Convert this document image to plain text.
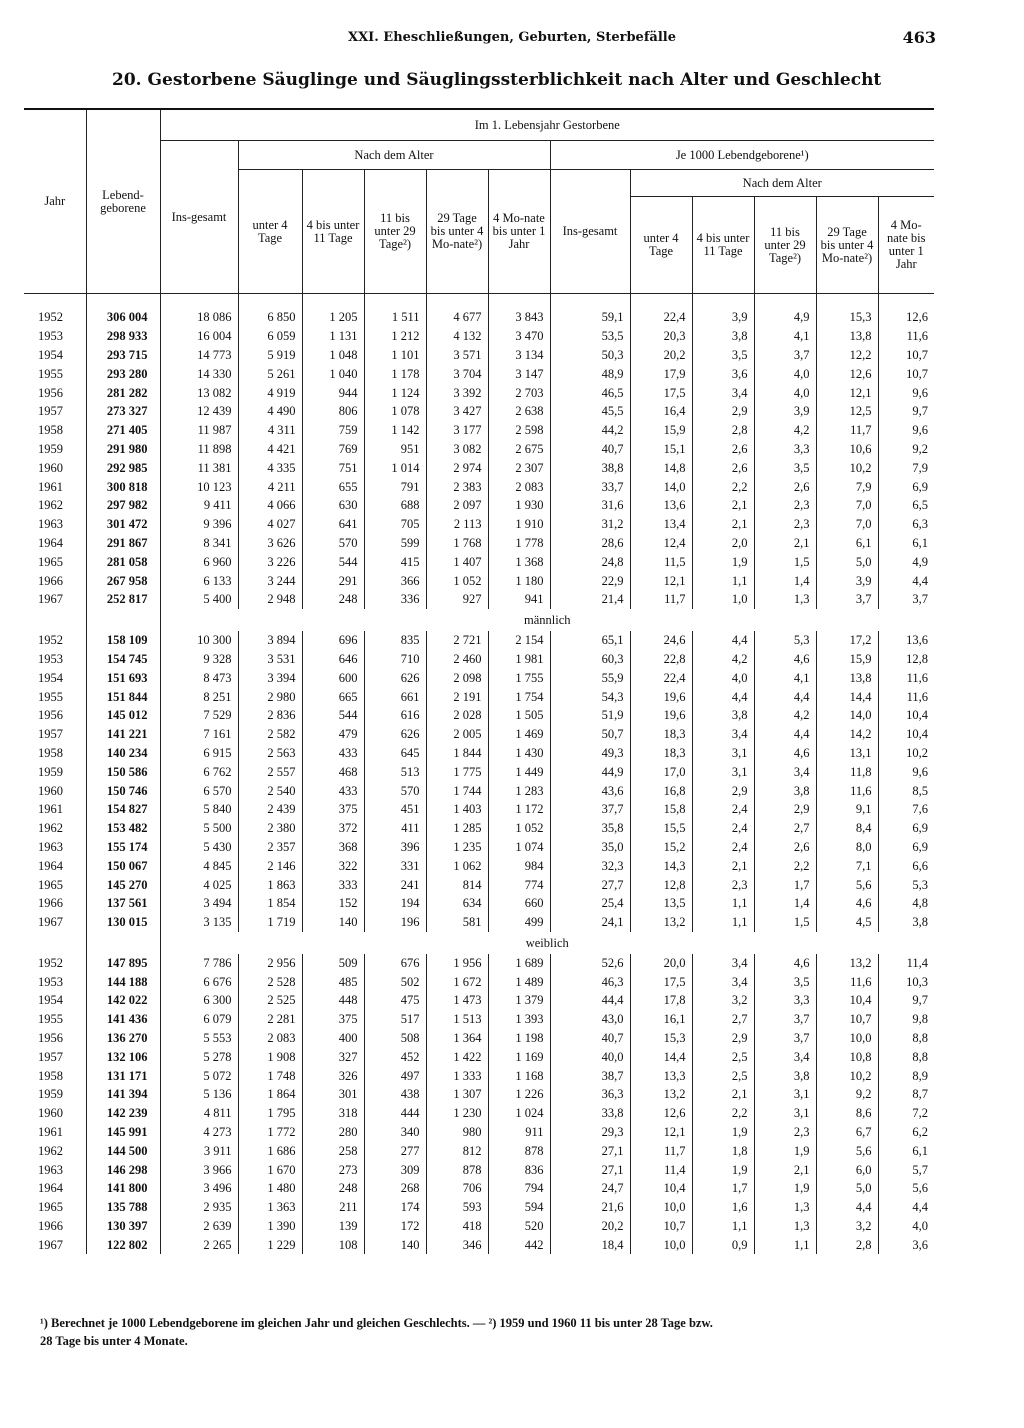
XXI. Eheschließungen, Geburten, Sterbefälle	463
20. Gestorbene Säuglinge und Säuglingssterblichkeit nach Alter und Geschlecht
Jahr	Lebend-geborene	Im 1. Lebensjahr Gestorbene											
		Ins-gesamt	Nach dem Alter					Je 1000 Lebendgeborene¹)					
			unter 4 Tage	4 bis unter 11 Tage	11 bis unter 29 Tage²)	29 Tage bis unter 4 Mo-nate²)	4 Mo-nate bis unter 1 Jahr	Ins-gesamt	Nach dem Alter				
									unter 4 Tage	4 bis unter 11 Tage	11 bis unter 29 Tage²)	29 Tage bis unter 4 Mo-nate²)	4 Mo-nate bis unter 1 Jahr

1952	306 004	18 086	6 850	1 205	1 511	4 677	3 843	59,1	22,4	3,9	4,9	15,3	12,6
1953	298 933	16 004	6 059	1 131	1 212	4 132	3 470	53,5	20,3	3,8	4,1	13,8	11,6
1954	293 715	14 773	5 919	1 048	1 101	3 571	3 134	50,3	20,2	3,5	3,7	12,2	10,7
1955	293 280	14 330	5 261	1 040	1 178	3 704	3 147	48,9	17,9	3,6	4,0	12,6	10,7
1956	281 282	13 082	4 919	944	1 124	3 392	2 703	46,5	17,5	3,4	4,0	12,1	9,6
1957	273 327	12 439	4 490	806	1 078	3 427	2 638	45,5	16,4	2,9	3,9	12,5	9,7
1958	271 405	11 987	4 311	759	1 142	3 177	2 598	44,2	15,9	2,8	4,2	11,7	9,6
1959	291 980	11 898	4 421	769	951	3 082	2 675	40,7	15,1	2,6	3,3	10,6	9,2
1960	292 985	11 381	4 335	751	1 014	2 974	2 307	38,8	14,8	2,6	3,5	10,2	7,9
1961	300 818	10 123	4 211	655	791	2 383	2 083	33,7	14,0	2,2	2,6	7,9	6,9
1962	297 982	9 411	4 066	630	688	2 097	1 930	31,6	13,6	2,1	2,3	7,0	6,5
1963	301 472	9 396	4 027	641	705	2 113	1 910	31,2	13,4	2,1	2,3	7,0	6,3
1964	291 867	8 341	3 626	570	599	1 768	1 778	28,6	12,4	2,0	2,1	6,1	6,1
1965	281 058	6 960	3 226	544	415	1 407	1 368	24,8	11,5	1,9	1,5	5,0	4,9
1966	267 958	6 133	3 244	291	366	1 052	1 180	22,9	12,1	1,1	1,4	3,9	4,4
1967	252 817	5 400	2 948	248	336	927	941	21,4	11,7	1,0	1,3	3,7	3,7
		männlich											
1952	158 109	10 300	3 894	696	835	2 721	2 154	65,1	24,6	4,4	5,3	17,2	13,6
1953	154 745	9 328	3 531	646	710	2 460	1 981	60,3	22,8	4,2	4,6	15,9	12,8
1954	151 693	8 473	3 394	600	626	2 098	1 755	55,9	22,4	4,0	4,1	13,8	11,6
1955	151 844	8 251	2 980	665	661	2 191	1 754	54,3	19,6	4,4	4,4	14,4	11,6
1956	145 012	7 529	2 836	544	616	2 028	1 505	51,9	19,6	3,8	4,2	14,0	10,4
1957	141 221	7 161	2 582	479	626	2 005	1 469	50,7	18,3	3,4	4,4	14,2	10,4
1958	140 234	6 915	2 563	433	645	1 844	1 430	49,3	18,3	3,1	4,6	13,1	10,2
1959	150 586	6 762	2 557	468	513	1 775	1 449	44,9	17,0	3,1	3,4	11,8	9,6
1960	150 746	6 570	2 540	433	570	1 744	1 283	43,6	16,8	2,9	3,8	11,6	8,5
1961	154 827	5 840	2 439	375	451	1 403	1 172	37,7	15,8	2,4	2,9	9,1	7,6
1962	153 482	5 500	2 380	372	411	1 285	1 052	35,8	15,5	2,4	2,7	8,4	6,9
1963	155 174	5 430	2 357	368	396	1 235	1 074	35,0	15,2	2,4	2,6	8,0	6,9
1964	150 067	4 845	2 146	322	331	1 062	984	32,3	14,3	2,1	2,2	7,1	6,6
1965	145 270	4 025	1 863	333	241	814	774	27,7	12,8	2,3	1,7	5,6	5,3
1966	137 561	3 494	1 854	152	194	634	660	25,4	13,5	1,1	1,4	4,6	4,8
1967	130 015	3 135	1 719	140	196	581	499	24,1	13,2	1,1	1,5	4,5	3,8
		weiblich											
1952	147 895	7 786	2 956	509	676	1 956	1 689	52,6	20,0	3,4	4,6	13,2	11,4
1953	144 188	6 676	2 528	485	502	1 672	1 489	46,3	17,5	3,4	3,5	11,6	10,3
1954	142 022	6 300	2 525	448	475	1 473	1 379	44,4	17,8	3,2	3,3	10,4	9,7
1955	141 436	6 079	2 281	375	517	1 513	1 393	43,0	16,1	2,7	3,7	10,7	9,8
1956	136 270	5 553	2 083	400	508	1 364	1 198	40,7	15,3	2,9	3,7	10,0	8,8
1957	132 106	5 278	1 908	327	452	1 422	1 169	40,0	14,4	2,5	3,4	10,8	8,8
1958	131 171	5 072	1 748	326	497	1 333	1 168	38,7	13,3	2,5	3,8	10,2	8,9
1959	141 394	5 136	1 864	301	438	1 307	1 226	36,3	13,2	2,1	3,1	9,2	8,7
1960	142 239	4 811	1 795	318	444	1 230	1 024	33,8	12,6	2,2	3,1	8,6	7,2
1961	145 991	4 273	1 772	280	340	980	911	29,3	12,1	1,9	2,3	6,7	6,2
1962	144 500	3 911	1 686	258	277	812	878	27,1	11,7	1,8	1,9	5,6	6,1
1963	146 298	3 966	1 670	273	309	878	836	27,1	11,4	1,9	2,1	6,0	5,7
1964	141 800	3 496	1 480	248	268	706	794	24,7	10,4	1,7	1,9	5,0	5,6
1965	135 788	2 935	1 363	211	174	593	594	21,6	10,0	1,6	1,3	4,4	4,4
1966	130 397	2 639	1 390	139	172	418	520	20,2	10,7	1,1	1,3	3,2	4,0
1967	122 802	2 265	1 229	108	140	346	442	18,4	10,0	0,9	1,1	2,8	3,6
¹) Berechnet je 1000 Lebendgeborene im gleichen Jahr und gleichen Geschlechts. — ²) 1959 und 1960 11 bis unter 28 Tage bzw.
28 Tage bis unter 4 Monate.
